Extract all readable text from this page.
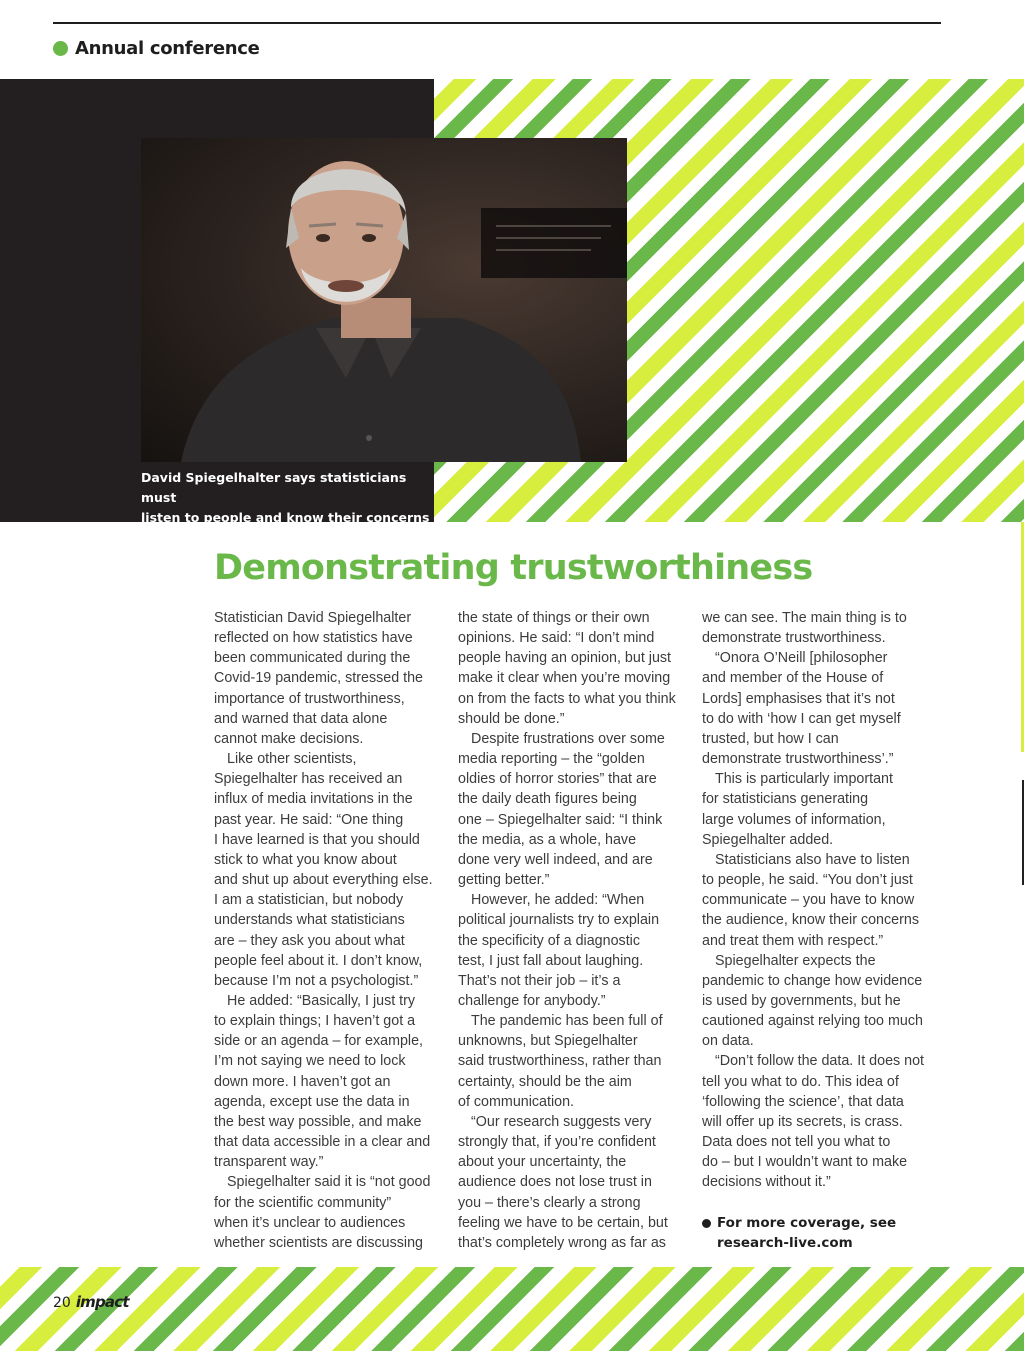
Annual conference
David Spiegelhalter says statisticians must
listen to people and know their concerns
Demonstrating trustworthiness

Statistician David Spiegelhalter

reflected on how statistics have

been communicated during the

Covid-19 pandemic, stressed the

importance of trustworthiness,

and warned that data alone

cannot make decisions.

Like other scientists,

Spiegelhalter has received an

influx of media invitations in the

past year. He said: “One thing

I have learned is that you should

stick to what you know about

and shut up about everything else.

I am a statistician, but nobody

understands what statisticians

are – they ask you about what

people feel about it. I don’t know,

because I’m not a psychologist.”

He added: “Basically, I just try

to explain things; I haven’t got a

side or an agenda – for example,

I’m not saying we need to lock

down more. I haven’t got an

agenda, except use the data in

the best way possible, and make

that data accessible in a clear and

transparent way.”

Spiegelhalter said it is “not good

for the scientific community”

when it’s unclear to audiences

whether scientists are discussing

the state of things or their own

opinions. He said: “I don’t mind

people having an opinion, but just

make it clear when you’re moving

on from the facts to what you think

should be done.”

Despite frustrations over some

media reporting – the “golden

oldies of horror stories” that are

the daily death figures being

one – Spiegelhalter said: “I think

the media, as a whole, have

done very well indeed, and are

getting better.”

However, he added: “When

political journalists try to explain

the specificity of a diagnostic

test, I just fall about laughing.

That’s not their job – it’s a

challenge for anybody.”

The pandemic has been full of

unknowns, but Spiegelhalter

said trustworthiness, rather than

certainty, should be the aim

of communication.

“Our research suggests very

strongly that, if you’re confident

about your uncertainty, the

audience does not lose trust in

you – there’s clearly a strong

feeling we have to be certain, but

that’s completely wrong as far as

we can see. The main thing is to

demonstrate trustworthiness.

“Onora O’Neill [philosopher

and member of the House of

Lords] emphasises that it’s not

to do with ‘how I can get myself

trusted, but how I can

demonstrate trustworthiness’.”

This is particularly important

for statisticians generating

large volumes of information,

Spiegelhalter added.

Statisticians also have to listen

to people, he said. “You don’t just

communicate – you have to know

the audience, know their concerns

and treat them with respect.”

Spiegelhalter expects the

pandemic to change how evidence

is used by governments, but he

cautioned against relying too much

on data.

“Don’t follow the data. It does not

tell you what to do. This idea of

‘following the science’, that data

will offer up its secrets, is crass.

Data does not tell you what to

do – but I wouldn’t want to make

decisions without it.”

For more coverage, see
research-live.com
20 impact
